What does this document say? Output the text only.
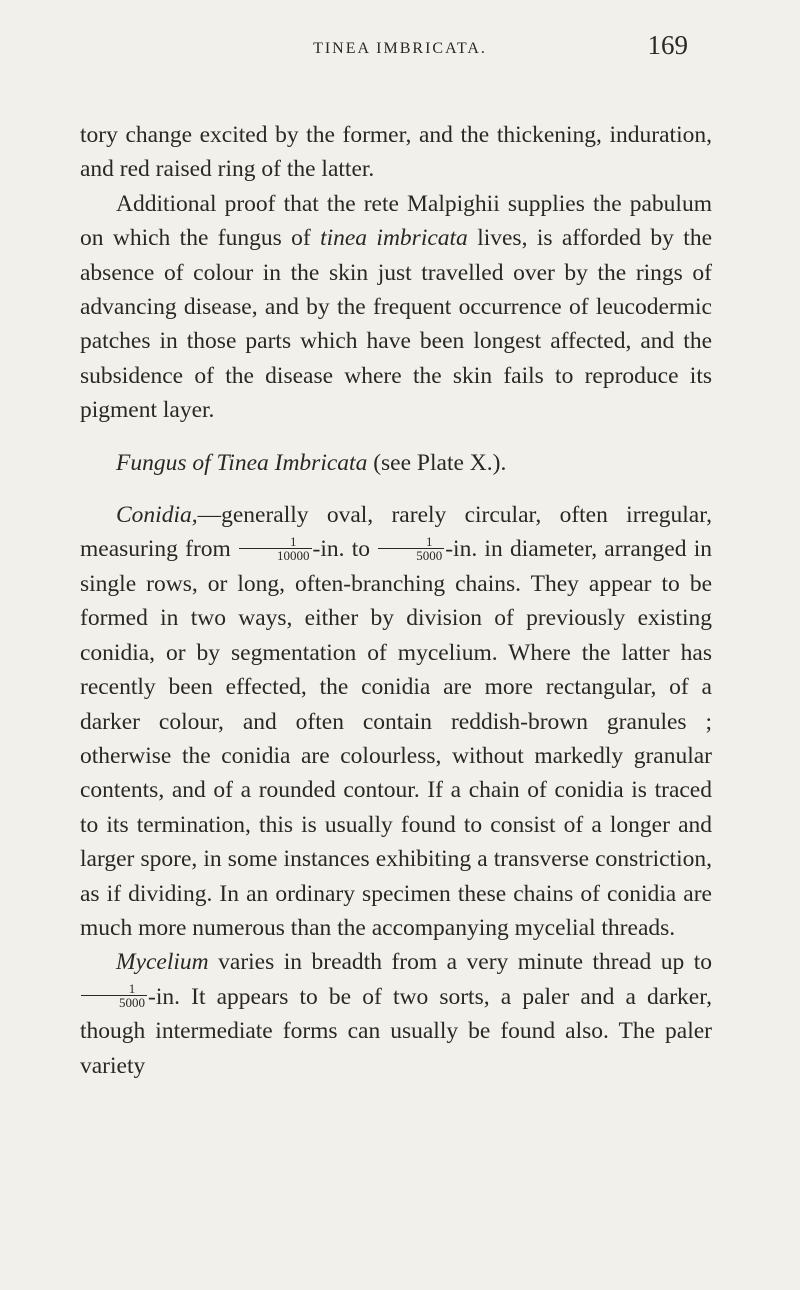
TINEA IMBRICATA.	169

tory change excited by the former, and the thickening, induration, and red raised ring of the latter.

Additional proof that the rete Malpighii supplies the pabulum on which the fungus of tinea imbricata lives, is afforded by the absence of colour in the skin just travelled over by the rings of advancing disease, and by the frequent occurrence of leucodermic patches in those parts which have been longest affected, and the subsidence of the disease where the skin fails to reproduce its pigment layer.

Fungus of Tinea Imbricata (see Plate X.).

Conidia,—generally oval, rarely circular, often irregular, measuring from $\frac{1}{10000} -in$. to $\frac{1}{5000} -in$. in diameter, arranged in single rows, or long, often-branching chains. They appear to be formed in two ways, either by division of previously existing conidia, or by segmentation of mycelium. Where the latter has recently been effected, the conidia are more rectangular, of a darker colour, and often contain reddish-brown granules ; otherwise the conidia are colourless, without markedly granular contents, and of a rounded contour. If a chain of conidia is traced to its termination, this is usually found to consist of a longer and larger spore, in some instances exhibiting a transverse constriction, as if dividing. In an ordinary specimen these chains of conidia are much more numerous than the accompanying mycelial threads.

Mycelium varies in breadth from a very minute thread up to
$\frac{1}{5000} -in$. It appears to be of two sorts, a paler and a darker, though intermediate forms can usually be found also. The paler variety
